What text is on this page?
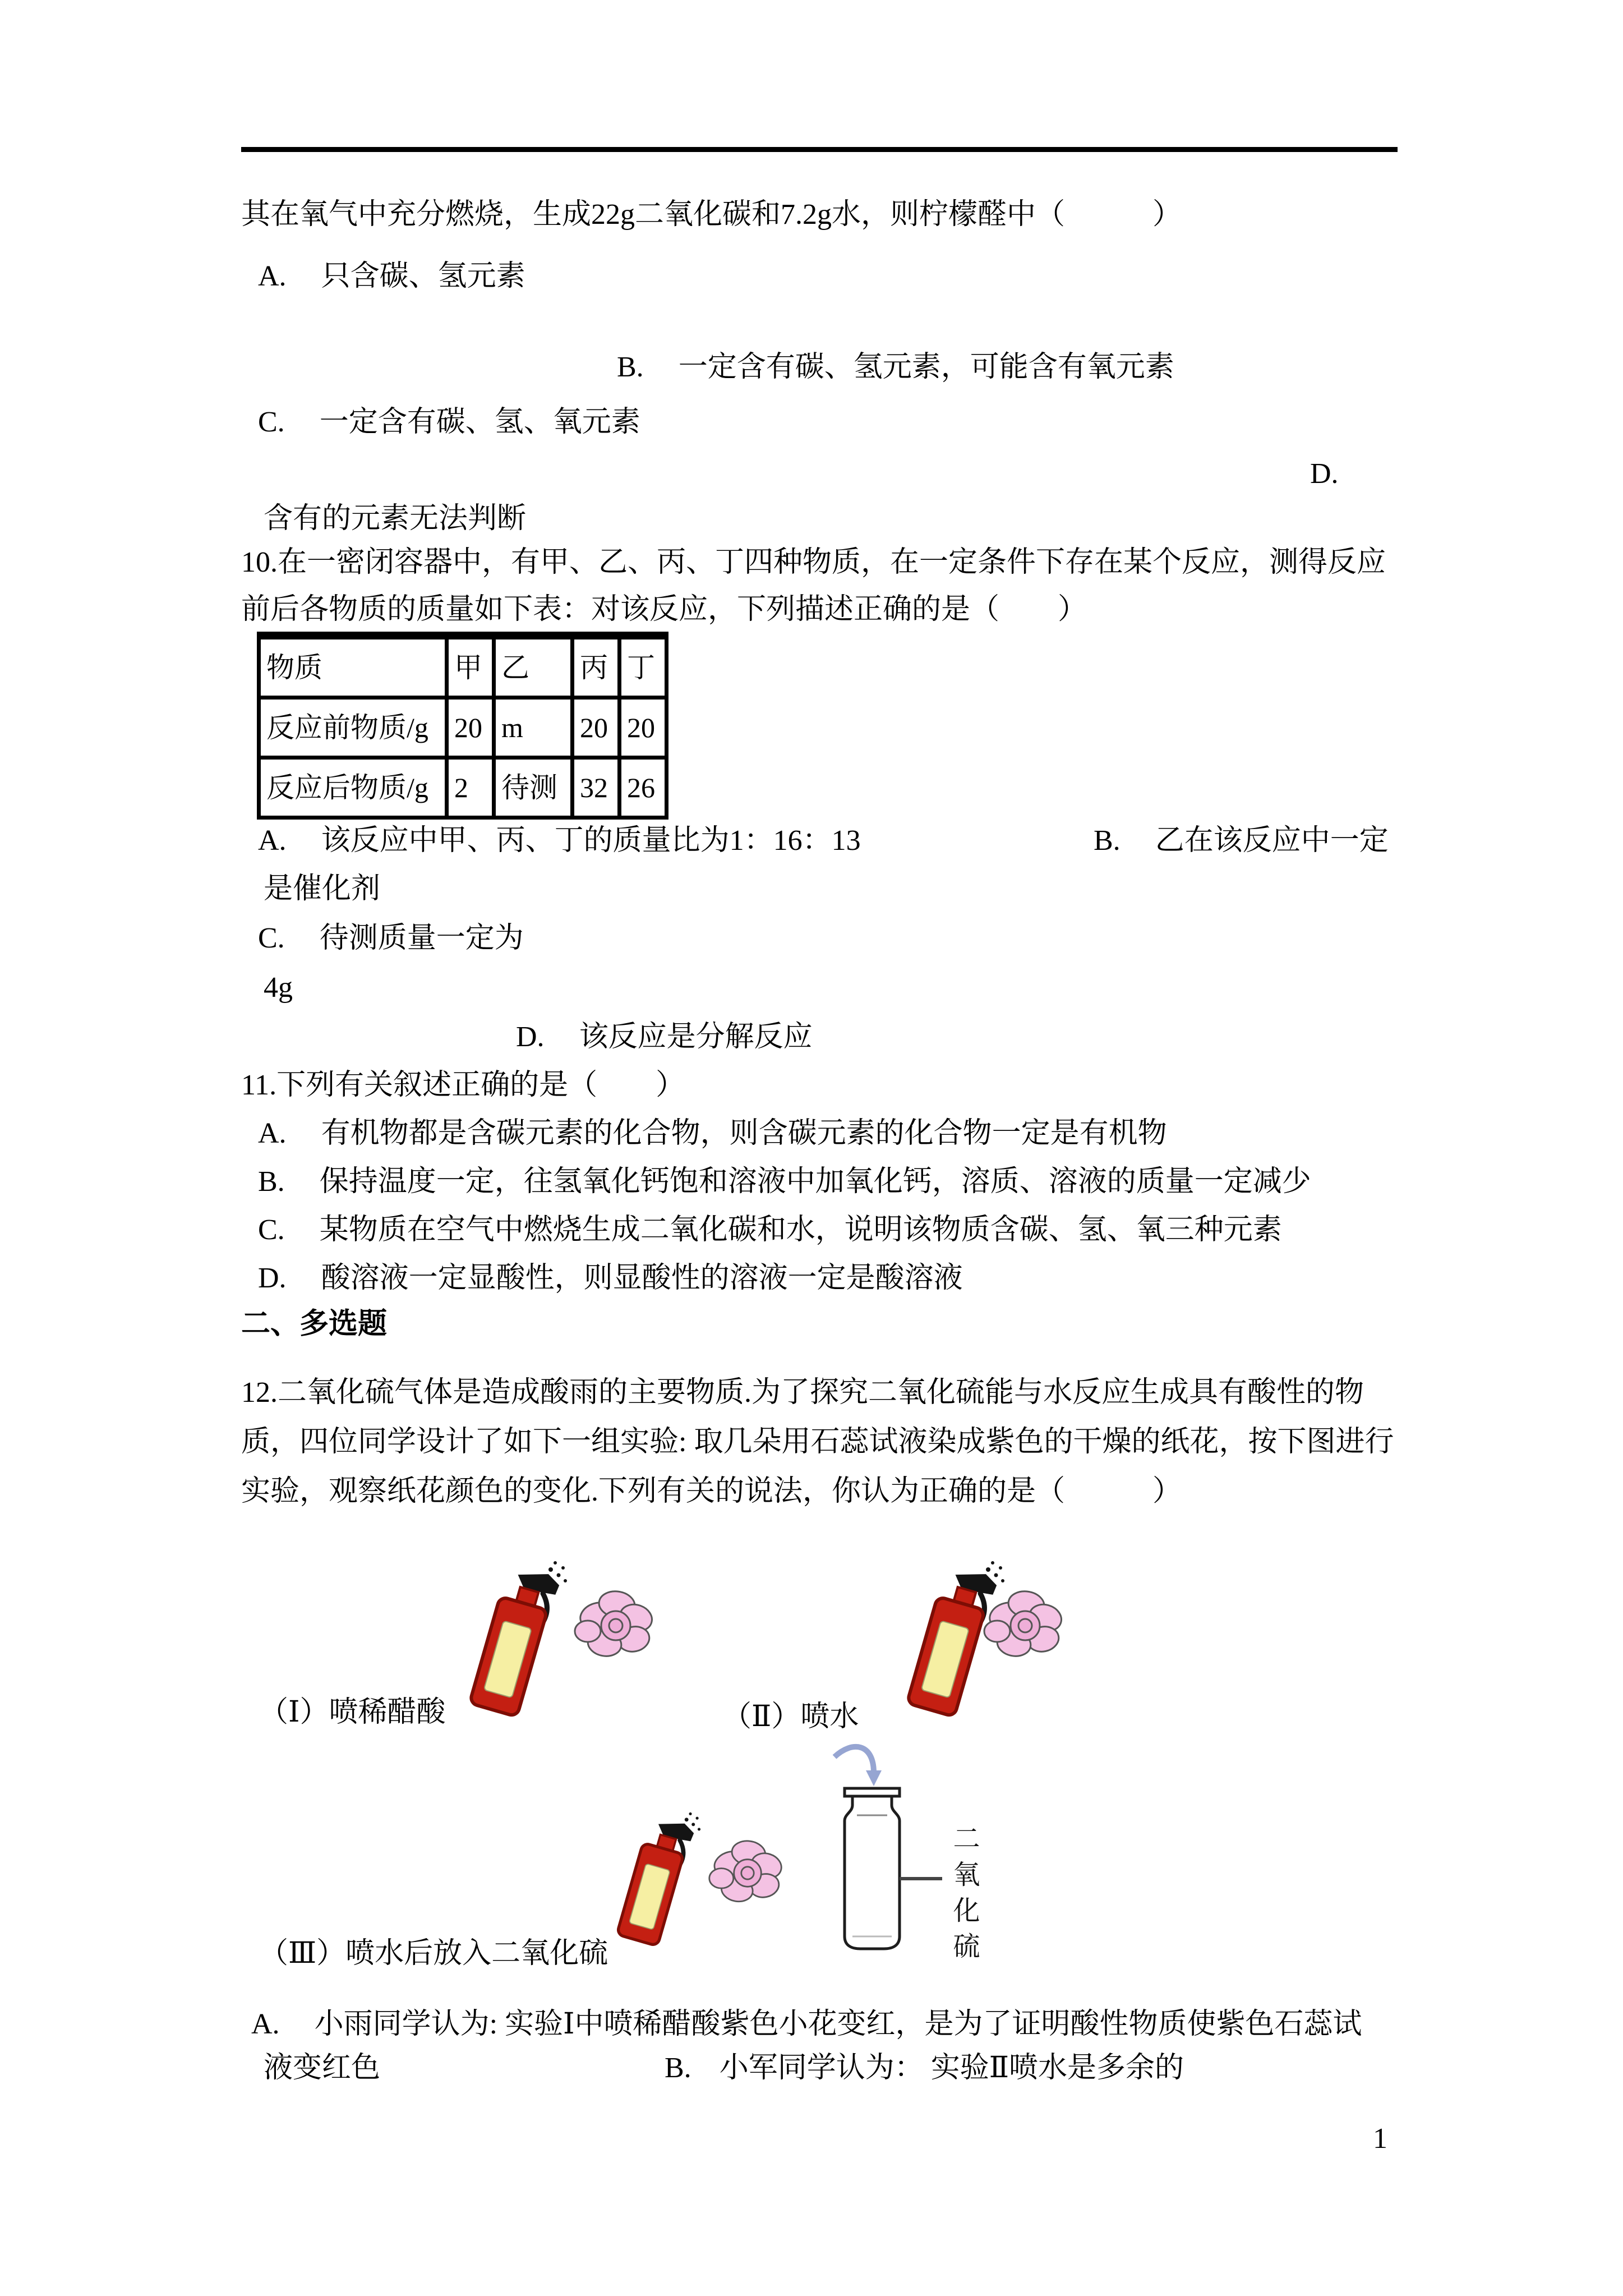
其在氧气中充分燃烧，生成22g二氧化碳和7.2g水，则柠檬醛中（　　　）
A. 只含碳、氢元素
B. 一定含有碳、氢元素，可能含有氧元素
C. 一定含有碳、氢、氧元素
D.
含有的元素无法判断
10.在一密闭容器中，有甲、乙、丙、丁四种物质，在一定条件下存在某个反应，测得反应
前后各物质的质量如下表：对该反应，下列描述正确的是（　　）
物质	甲	乙	丙	丁
反应前物质/g	20	m	20	20
反应后物质/g	2	待测	32	26
A. 该反应中甲、丙、丁的质量比为1：16：13	B. 乙在该反应中一定
是催化剂
C. 待测质量一定为
4g
D. 该反应是分解反应
11.下列有关叙述正确的是（　　）
A. 有机物都是含碳元素的化合物，则含碳元素的化合物一定是有机物
B. 保持温度一定，往氢氧化钙饱和溶液中加氧化钙，溶质、溶液的质量一定减少
C. 某物质在空气中燃烧生成二氧化碳和水，说明该物质含碳、氢、氧三种元素
D. 酸溶液一定显酸性，则显酸性的溶液一定是酸溶液
二、多选题
12.二氧化硫气体是造成酸雨的主要物质.为了探究二氧化硫能与水反应生成具有酸性的物
质，四位同学设计了如下一组实验: 取几朵用石蕊试液染成紫色的干燥的纸花，按下图进行
实验，观察纸花颜色的变化.下列有关的说法，你认为正确的是（　　　）
（Ⅰ）喷稀醋酸	（Ⅱ）喷水
二氧化硫
（Ⅲ）喷水后放入二氧化硫
A. 小雨同学认为: 实验Ⅰ中喷稀醋酸紫色小花变红，是为了证明酸性物质使紫色石蕊试
液变红色	B. 小军同学认为： 实验Ⅱ喷水是多余的
1
